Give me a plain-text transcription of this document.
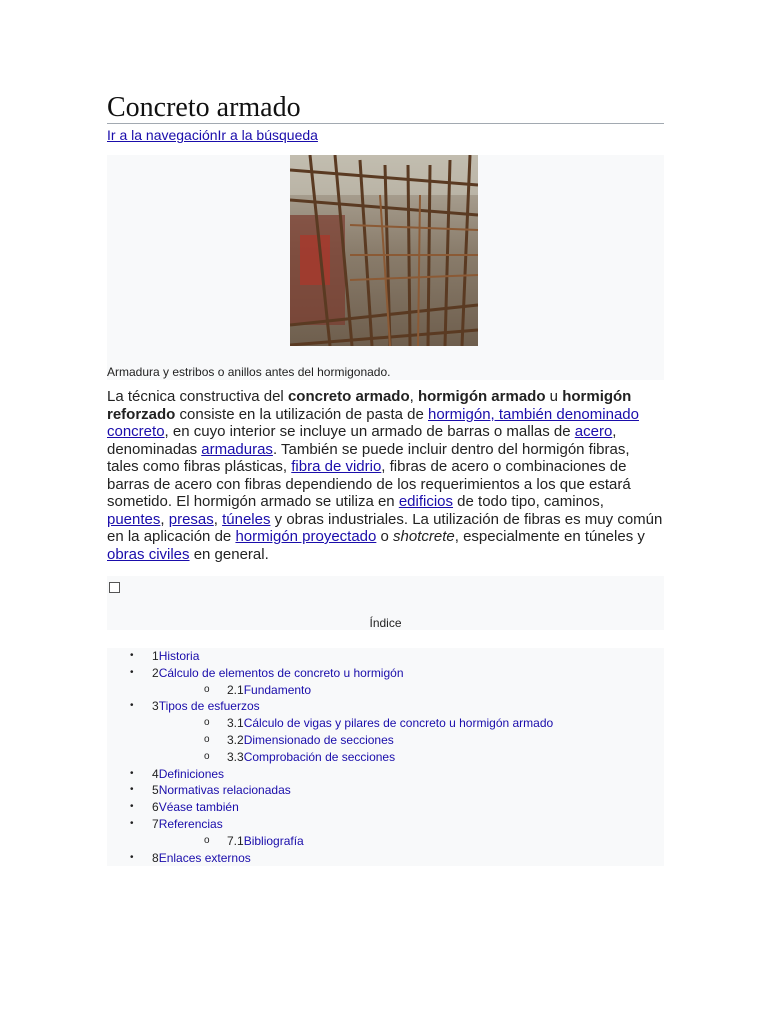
Concreto armado
Ir a la navegaciónIr a la búsqueda
Armadura y estribos o anillos antes del hormigonado.

La técnica constructiva del concreto armado, hormigón armado u hormigón reforzado consiste en la utilización de pasta de hormigón, también denominado concreto, en cuyo interior se incluye un armado de barras o mallas de acero, denominadas armaduras. También se puede incluir dentro del hormigón fibras, tales como fibras plásticas, fibra de vidrio, fibras de acero o combinaciones de barras de acero con fibras dependiendo de los requerimientos a los que estará sometido. El hormigón armado se utiliza en edificios de todo tipo, caminos, puentes, presas, túneles y obras industriales. La utilización de fibras es muy común en la aplicación de hormigón proyectado o shotcrete, especialmente en túneles y obras civiles en general.

Índice
• 1Historia
• 2Cálculo de elementos de concreto u hormigón
o 2.1Fundamento
• 3Tipos de esfuerzos
o 3.1Cálculo de vigas y pilares de concreto u hormigón armado
o 3.2Dimensionado de secciones
o 3.3Comprobación de secciones
• 4Definiciones
• 5Normativas relacionadas
• 6Véase también
• 7Referencias
o 7.1Bibliografía
• 8Enlaces externos
